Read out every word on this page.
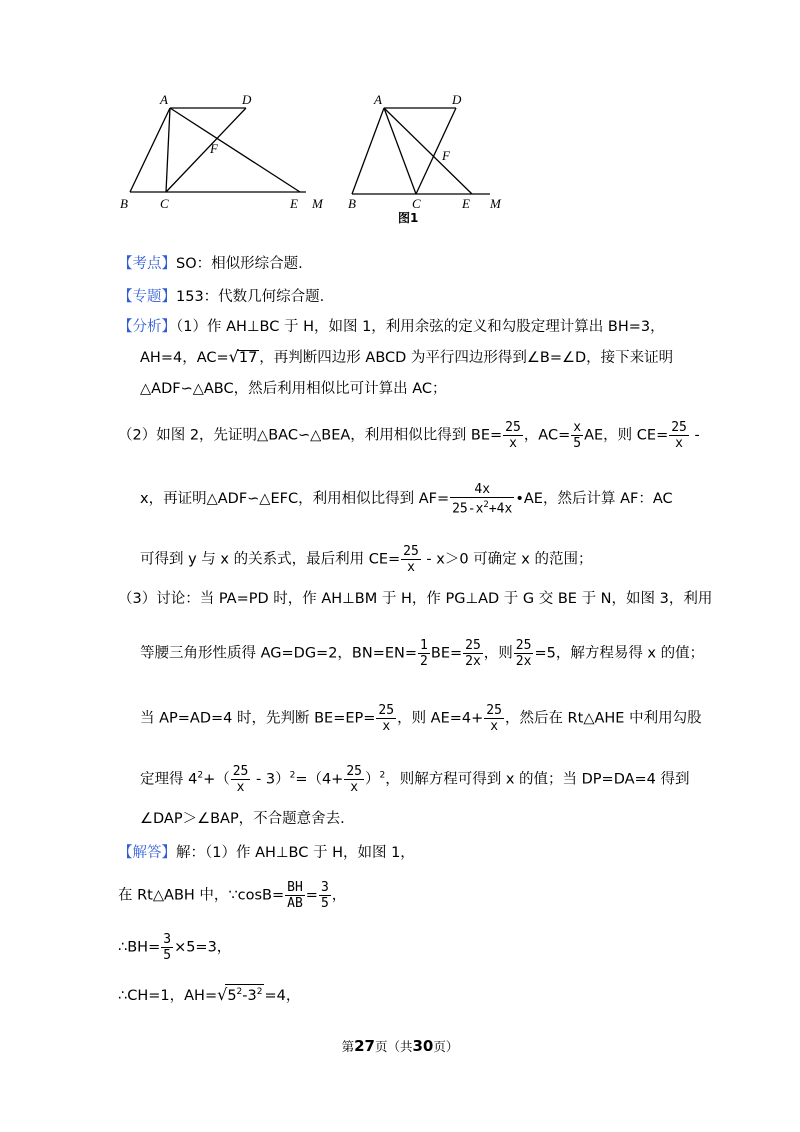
A	D
F
B C	E M
A	D
F
B	C	E M
图1
【考点】SO：相似形综合题.
【专题】153：代数几何综合题.
【分析】（1）作 AH⊥BC 于 H，如图 1，利用余弦的定义和勾股定理计算出 BH=3，
AH=4，AC=√17 ，再判断四边形 ABCD 为平行四边形得到∠B=∠D，接下来证明
△ADF∽△ABC，然后利用相似比可计算出 AC；
（2）如图 2，先证明△BAC∽△BEA，利用相似比得到 $BE= \frac{25}{x}$ ，$AC= \frac{x}{5}$ AE，则 $CE= \frac{25}{x}$ -
x，再证明△ADF∽△EFC，利用相似比得到 $AF= \frac{4x}{25-x^2+4x}$ •AE，然后计算 AF：AC
可得到 y 与 x 的关系式，最后利用 $CE= \frac{25}{x} - x>0$ 可确定 x 的范围；
（3）讨论：当 PA=PD 时，作 AH⊥BM 于 H，作 PG⊥AD 于 G 交 BE 于 N，如图 3，利用
等腰三角形性质得 AG=DG=2，$BN=EN= \frac{1}{2} BE= \frac{25}{2x}$ ，则 $\frac{25}{2x} =5$，解方程易得 x 的值；
当 AP=AD=4 时，先判断 $BE=EP= \frac{25}{x}$ ，则 $AE=4+ \frac{25}{x}$ ，然后在 Rt△AHE 中利用勾股
定理得 $4^2+( \frac{25}{x} - 3)^2=(4+ \frac{25}{x} )^2$，则解方程可得到 x 的值；当 DP=DA=4 得到
∠DAP＞∠BAP，不合题意舍去.
【解答】解：（1）作 AH⊥BC 于 H，如图 1，
在 Rt△ABH 中，∵cosB= $\frac{BH}{AB} = \frac{3}{5}$ ，
∴BH= $\frac{3}{5} \times 5=3$，
∴CH=1，$AH=√5^2-3^2 =4$，
第27页（共30页）
